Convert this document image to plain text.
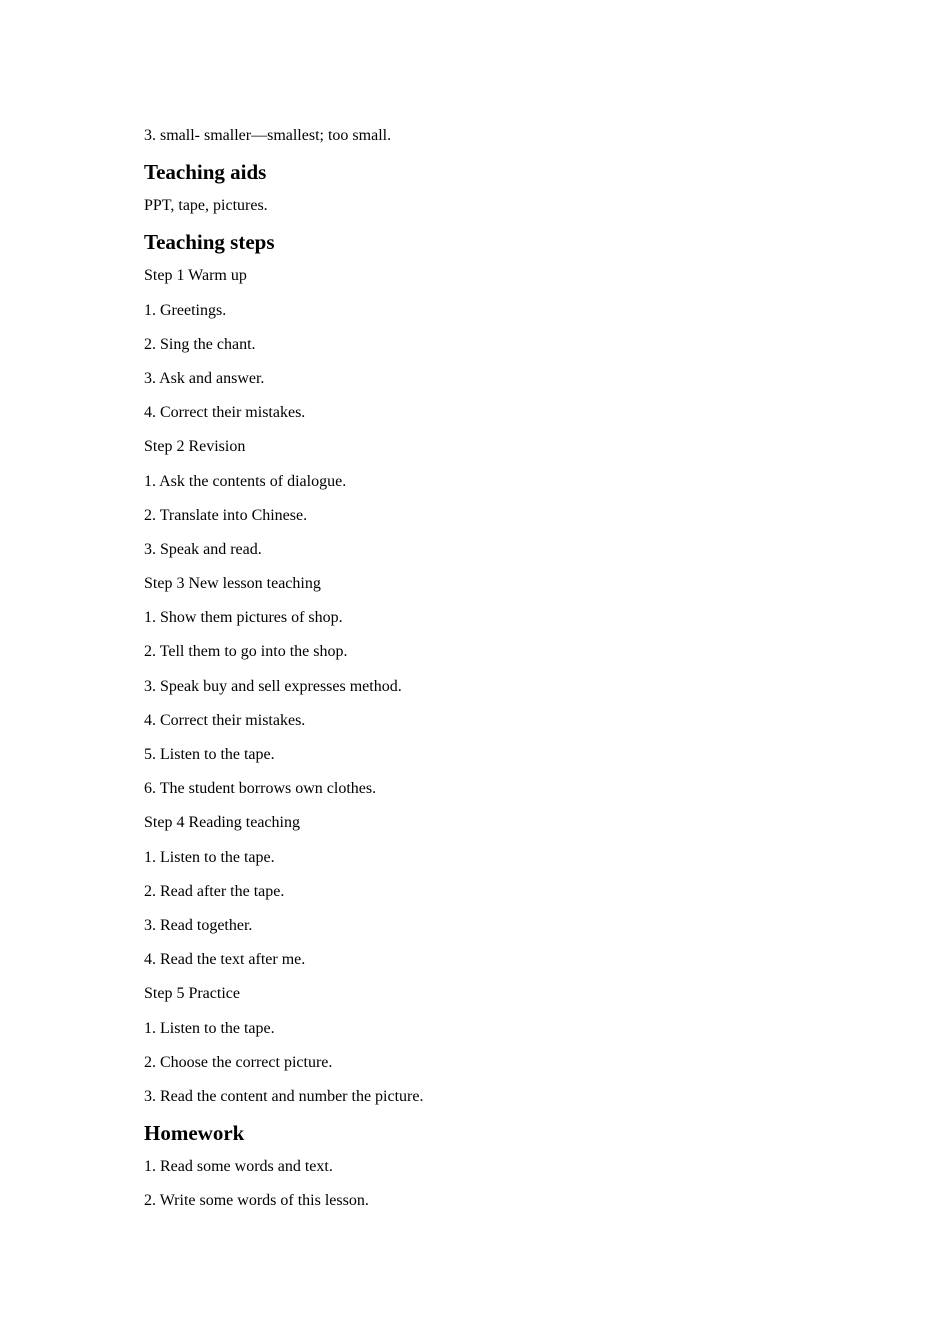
3. small- smaller—smallest; too small.
Teaching aids
PPT, tape, pictures.
Teaching steps
Step 1 Warm up
1. Greetings.
2. Sing the chant.
3. Ask and answer.
4. Correct their mistakes.
Step 2 Revision
1. Ask the contents of dialogue.
2. Translate into Chinese.
3. Speak and read.
Step 3 New lesson teaching
1. Show them pictures of shop.
2. Tell them to go into the shop.
3. Speak buy and sell expresses method.
4. Correct their mistakes.
5. Listen to the tape.
6. The student borrows own clothes.
Step 4 Reading teaching
1. Listen to the tape.
2. Read after the tape.
3. Read together.
4. Read the text after me.
Step 5 Practice
1. Listen to the tape.
2. Choose the correct picture.
3. Read the content and number the picture.
Homework
1. Read some words and text.
2. Write some words of this lesson.
